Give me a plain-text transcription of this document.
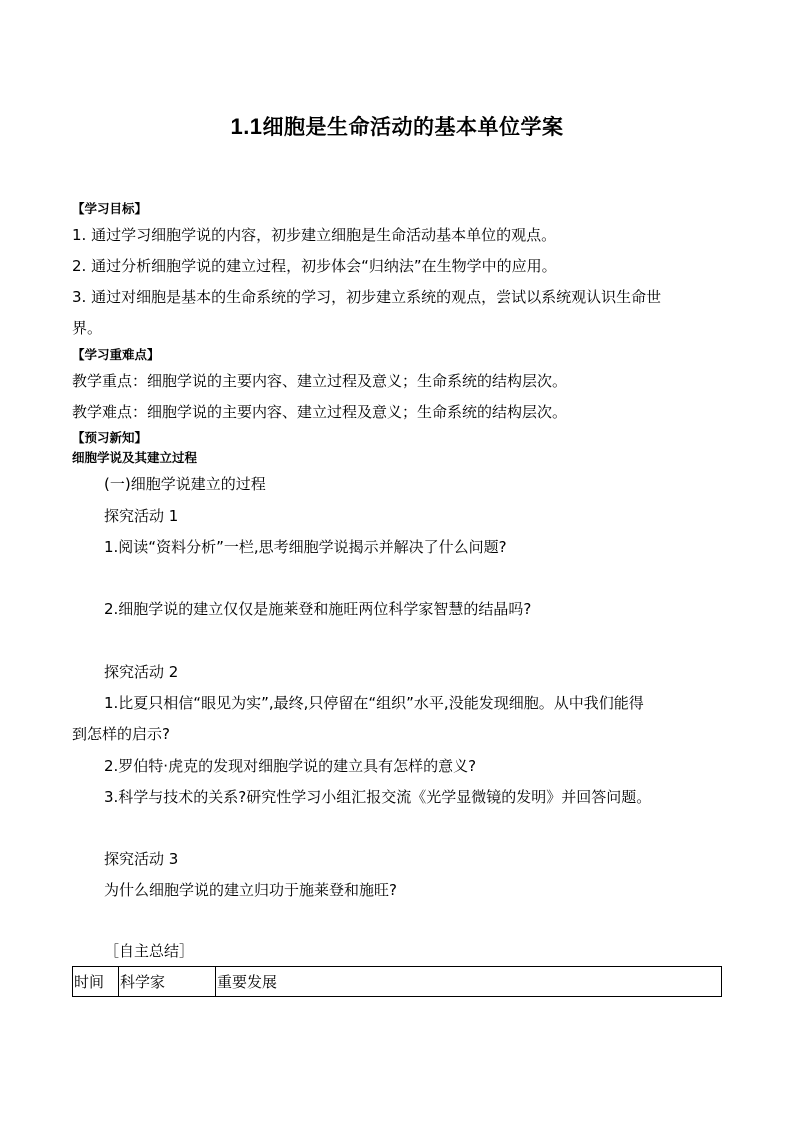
1.1细胞是生命活动的基本单位学案
【学习目标】
1. 通过学习细胞学说的内容，初步建立细胞是生命活动基本单位的观点。
2. 通过分析细胞学说的建立过程，初步体会“归纳法”在生物学中的应用。
3. 通过对细胞是基本的生命系统的学习，初步建立系统的观点，尝试以系统观认识生命世
界。
【学习重难点】
教学重点：细胞学说的主要内容、建立过程及意义；生命系统的结构层次。
教学难点：细胞学说的主要内容、建立过程及意义；生命系统的结构层次。
【预习新知】
细胞学说及其建立过程
(一)细胞学说建立的过程
探究活动 1
1.阅读“资料分析”一栏,思考细胞学说揭示并解决了什么问题?
2.细胞学说的建立仅仅是施莱登和施旺两位科学家智慧的结晶吗?
探究活动 2
1.比夏只相信“眼见为实”,最终,只停留在“组织”水平,没能发现细胞。从中我们能得
到怎样的启示?
2.罗伯特·虎克的发现对细胞学说的建立具有怎样的意义?
3.科学与技术的关系?研究性学习小组汇报交流《光学显微镜的发明》并回答问题。
探究活动 3
为什么细胞学说的建立归功于施莱登和施旺?
［自主总结］
时间	科学家	重要发展
